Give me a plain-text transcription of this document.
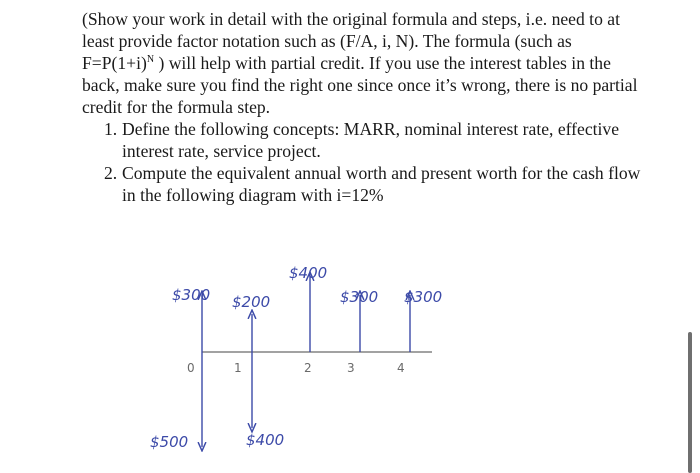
(Show your work in detail with the original formula and steps, i.e. need to at least provide factor notation such as (F/A, i, N). The formula (such as $F=P(1+i)^N$ ) will help with partial credit. If you use the interest tables in the back, make sure you find the right one since once it’s wrong, there is no partial credit for the formula step.

1. Define the following concepts: MARR, nominal interest rate, effective interest rate, service project.
2. Compute the equivalent annual worth and present worth for the cash flow in the following diagram with i=12%
0	1	2	3	4
$300
$500
$200
$400
$400
$300 $300
